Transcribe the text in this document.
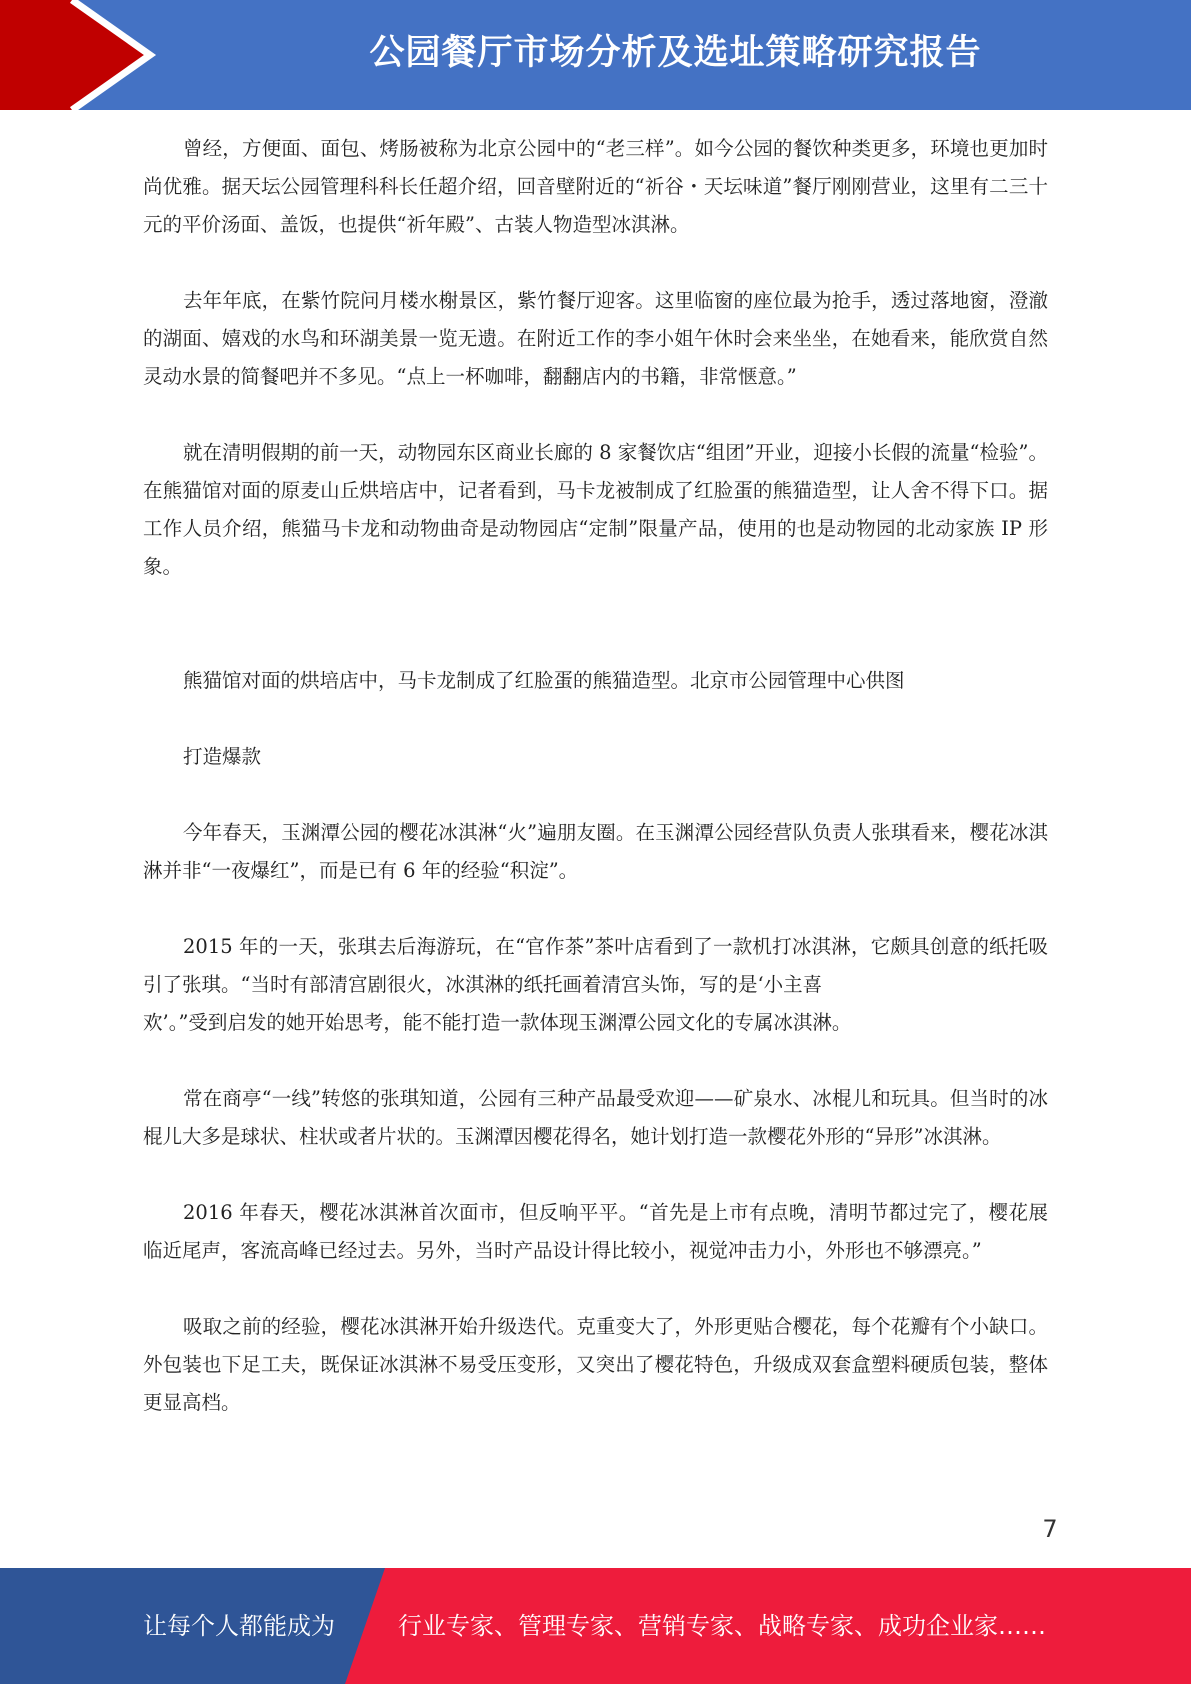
公园餐厅市场分析及选址策略研究报告

曾经，方便面、面包、烤肠被称为北京公园中的“老三样”。如今公园的餐饮种类更多，环境也更加时尚优雅。据天坛公园管理科科长任超介绍，回音壁附近的“祈谷・天坛味道”餐厅刚刚营业，这里有二三十元的平价汤面、盖饭，也提供“祈年殿”、古装人物造型冰淇淋。

去年年底，在紫竹院问月楼水榭景区，紫竹餐厅迎客。这里临窗的座位最为抢手，透过落地窗，澄澈的湖面、嬉戏的水鸟和环湖美景一览无遗。在附近工作的李小姐午休时会来坐坐，在她看来，能欣赏自然灵动水景的简餐吧并不多见。“点上一杯咖啡，翻翻店内的书籍，非常惬意。”

就在清明假期的前一天，动物园东区商业长廊的 8 家餐饮店“组团”开业，迎接小长假的流量“检验”。在熊猫馆对面的原麦山丘烘培店中，记者看到，马卡龙被制成了红脸蛋的熊猫造型，让人舍不得下口。据工作人员介绍，熊猫马卡龙和动物曲奇是动物园店“定制”限量产品，使用的也是动物园的北动家族 IP 形象。

熊猫馆对面的烘培店中，马卡龙制成了红脸蛋的熊猫造型。北京市公园管理中心供图

打造爆款

今年春天，玉渊潭公园的樱花冰淇淋“火”遍朋友圈。在玉渊潭公园经营队负责人张琪看来，樱花冰淇淋并非“一夜爆红”，而是已有 6 年的经验“积淀”。

2015 年的一天，张琪去后海游玩，在“官作茶”茶叶店看到了一款机打冰淇淋，它颇具创意的纸托吸引了张琪。“当时有部清宫剧很火，冰淇淋的纸托画着清宫头饰，写的是‘小主喜

欢’。”受到启发的她开始思考，能不能打造一款体现玉渊潭公园文化的专属冰淇淋。

常在商亭“一线”转悠的张琪知道，公园有三种产品最受欢迎——矿泉水、冰棍儿和玩具。但当时的冰棍儿大多是球状、柱状或者片状的。玉渊潭因樱花得名，她计划打造一款樱花外形的“异形”冰淇淋。

2016 年春天，樱花冰淇淋首次面市，但反响平平。“首先是上市有点晚，清明节都过完了，樱花展临近尾声，客流高峰已经过去。另外，当时产品设计得比较小，视觉冲击力小，外形也不够漂亮。”

吸取之前的经验，樱花冰淇淋开始升级迭代。克重变大了，外形更贴合樱花，每个花瓣有个小缺口。外包装也下足工夫，既保证冰淇淋不易受压变形，又突出了樱花特色，升级成双套盒塑料硬质包装，整体更显高档。

7
让每个人都能成为	行业专家、管理专家、营销专家、战略专家、成功企业家……
